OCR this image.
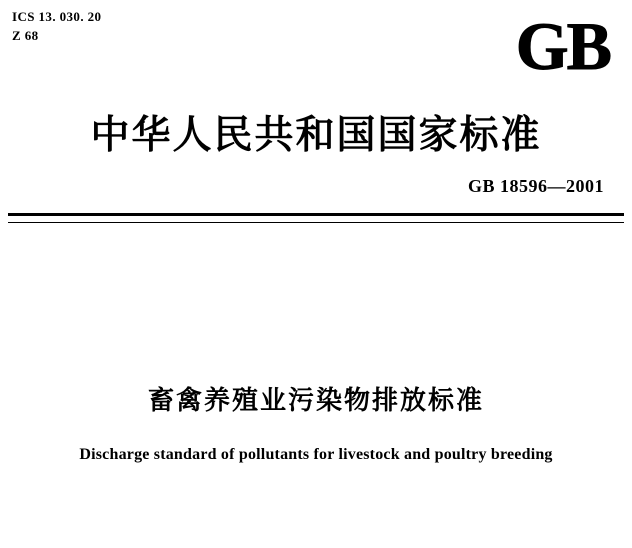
ICS 13. 030. 20
Z 68	GB
中华人民共和国国家标准
GB 18596—2001
畜禽养殖业污染物排放标准
Discharge standard of pollutants for livestock and poultry breeding
